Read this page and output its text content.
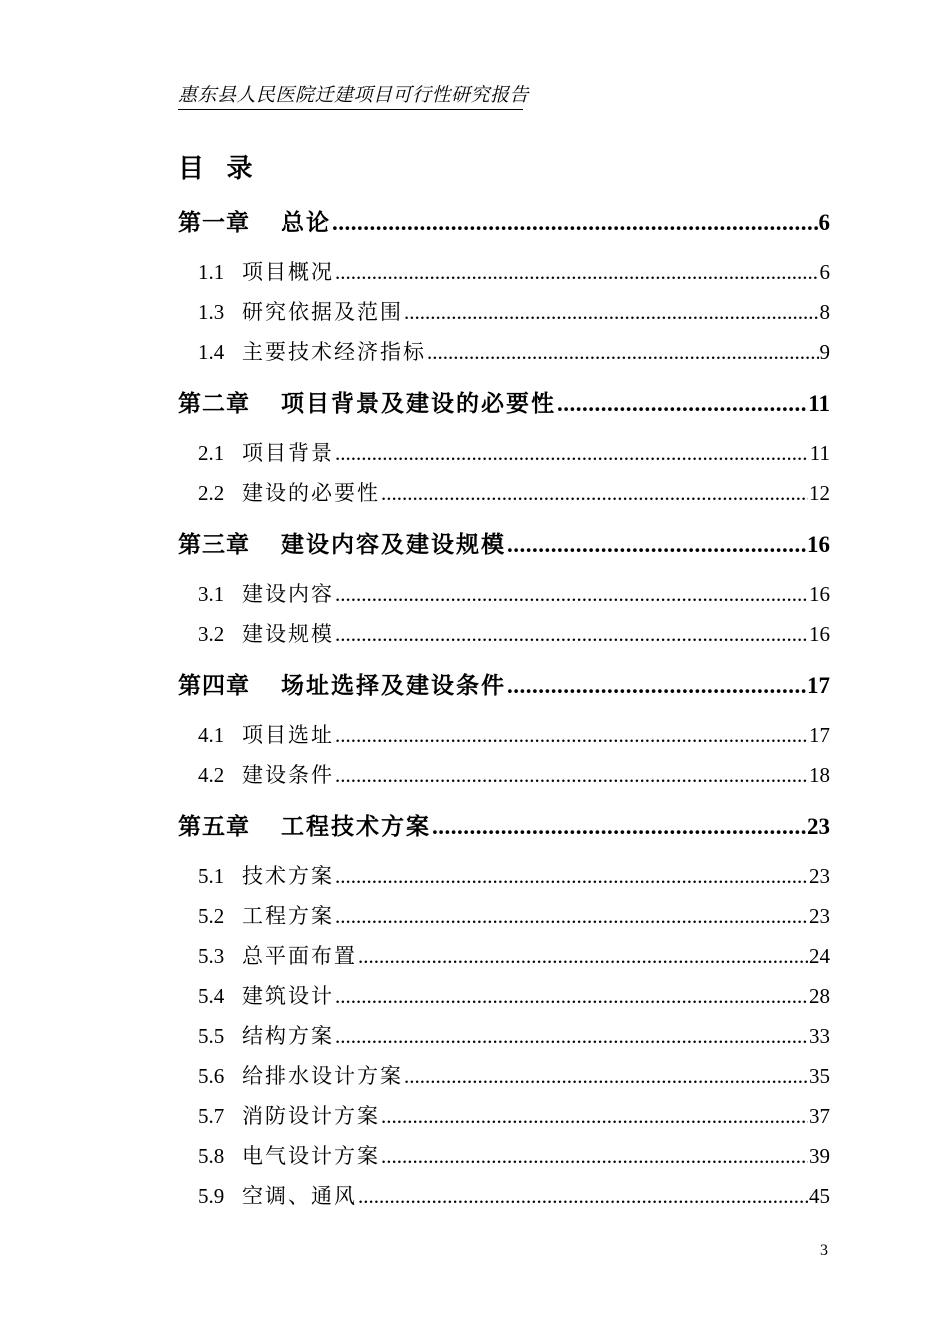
惠东县人民医院迁建项目可行性研究报告
目 录
第一章	总论 .....	6
1.1 项目概况 .....	6
1.3 研究依据及范围 .....	8
1.4 主要技术经济指标 .....	9
第二章	项目背景及建设的必要性 .....	11
2.1 项目背景 .....	11
2.2 建设的必要性 .....	12
第三章	建设内容及建设规模 .....	16
3.1 建设内容 .....	16
3.2 建设规模 .....	16
第四章	场址选择及建设条件 .....	17
4.1 项目选址 .....	17
4.2 建设条件 .....	18
第五章	工程技术方案 .....	23
5.1 技术方案 .....	23
5.2 工程方案 .....	23
5.3 总平面布置 .....	24
5.4 建筑设计 .....	28
5.5 结构方案 .....	33
5.6 给排水设计方案 .....	35
5.7 消防设计方案 .....	37
5.8 电气设计方案 .....	39
5.9 空调、通风 .....	45
3
